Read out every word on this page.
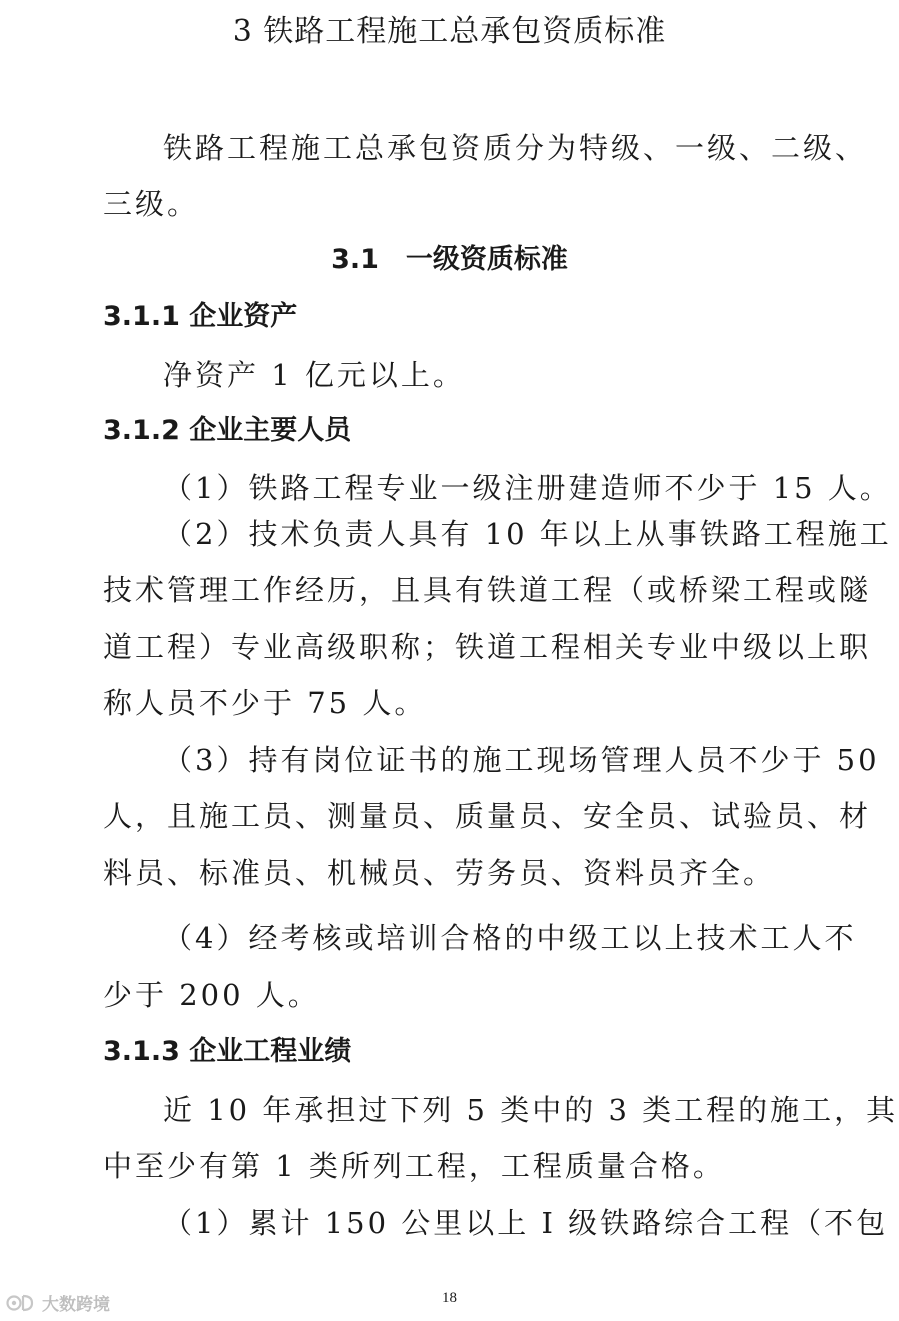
3 铁路工程施工总承包资质标准
铁路工程施工总承包资质分为特级、一级、二级、
三级。
3.1　一级资质标准
3.1.1 企业资产
净资产 1 亿元以上。
3.1.2 企业主要人员
（1）铁路工程专业一级注册建造师不少于 15 人。
（2）技术负责人具有 10 年以上从事铁路工程施工
技术管理工作经历，且具有铁道工程（或桥梁工程或隧
道工程）专业高级职称；铁道工程相关专业中级以上职
称人员不少于 75 人。
（3）持有岗位证书的施工现场管理人员不少于 50
人，且施工员、测量员、质量员、安全员、试验员、材
料员、标准员、机械员、劳务员、资料员齐全。
（4）经考核或培训合格的中级工以上技术工人不
少于 200 人。
3.1.3 企业工程业绩
近 10 年承担过下列 5 类中的 3 类工程的施工，其
中至少有第 1 类所列工程，工程质量合格。
（1）累计 150 公里以上 I 级铁路综合工程（不包
18
大数跨境
